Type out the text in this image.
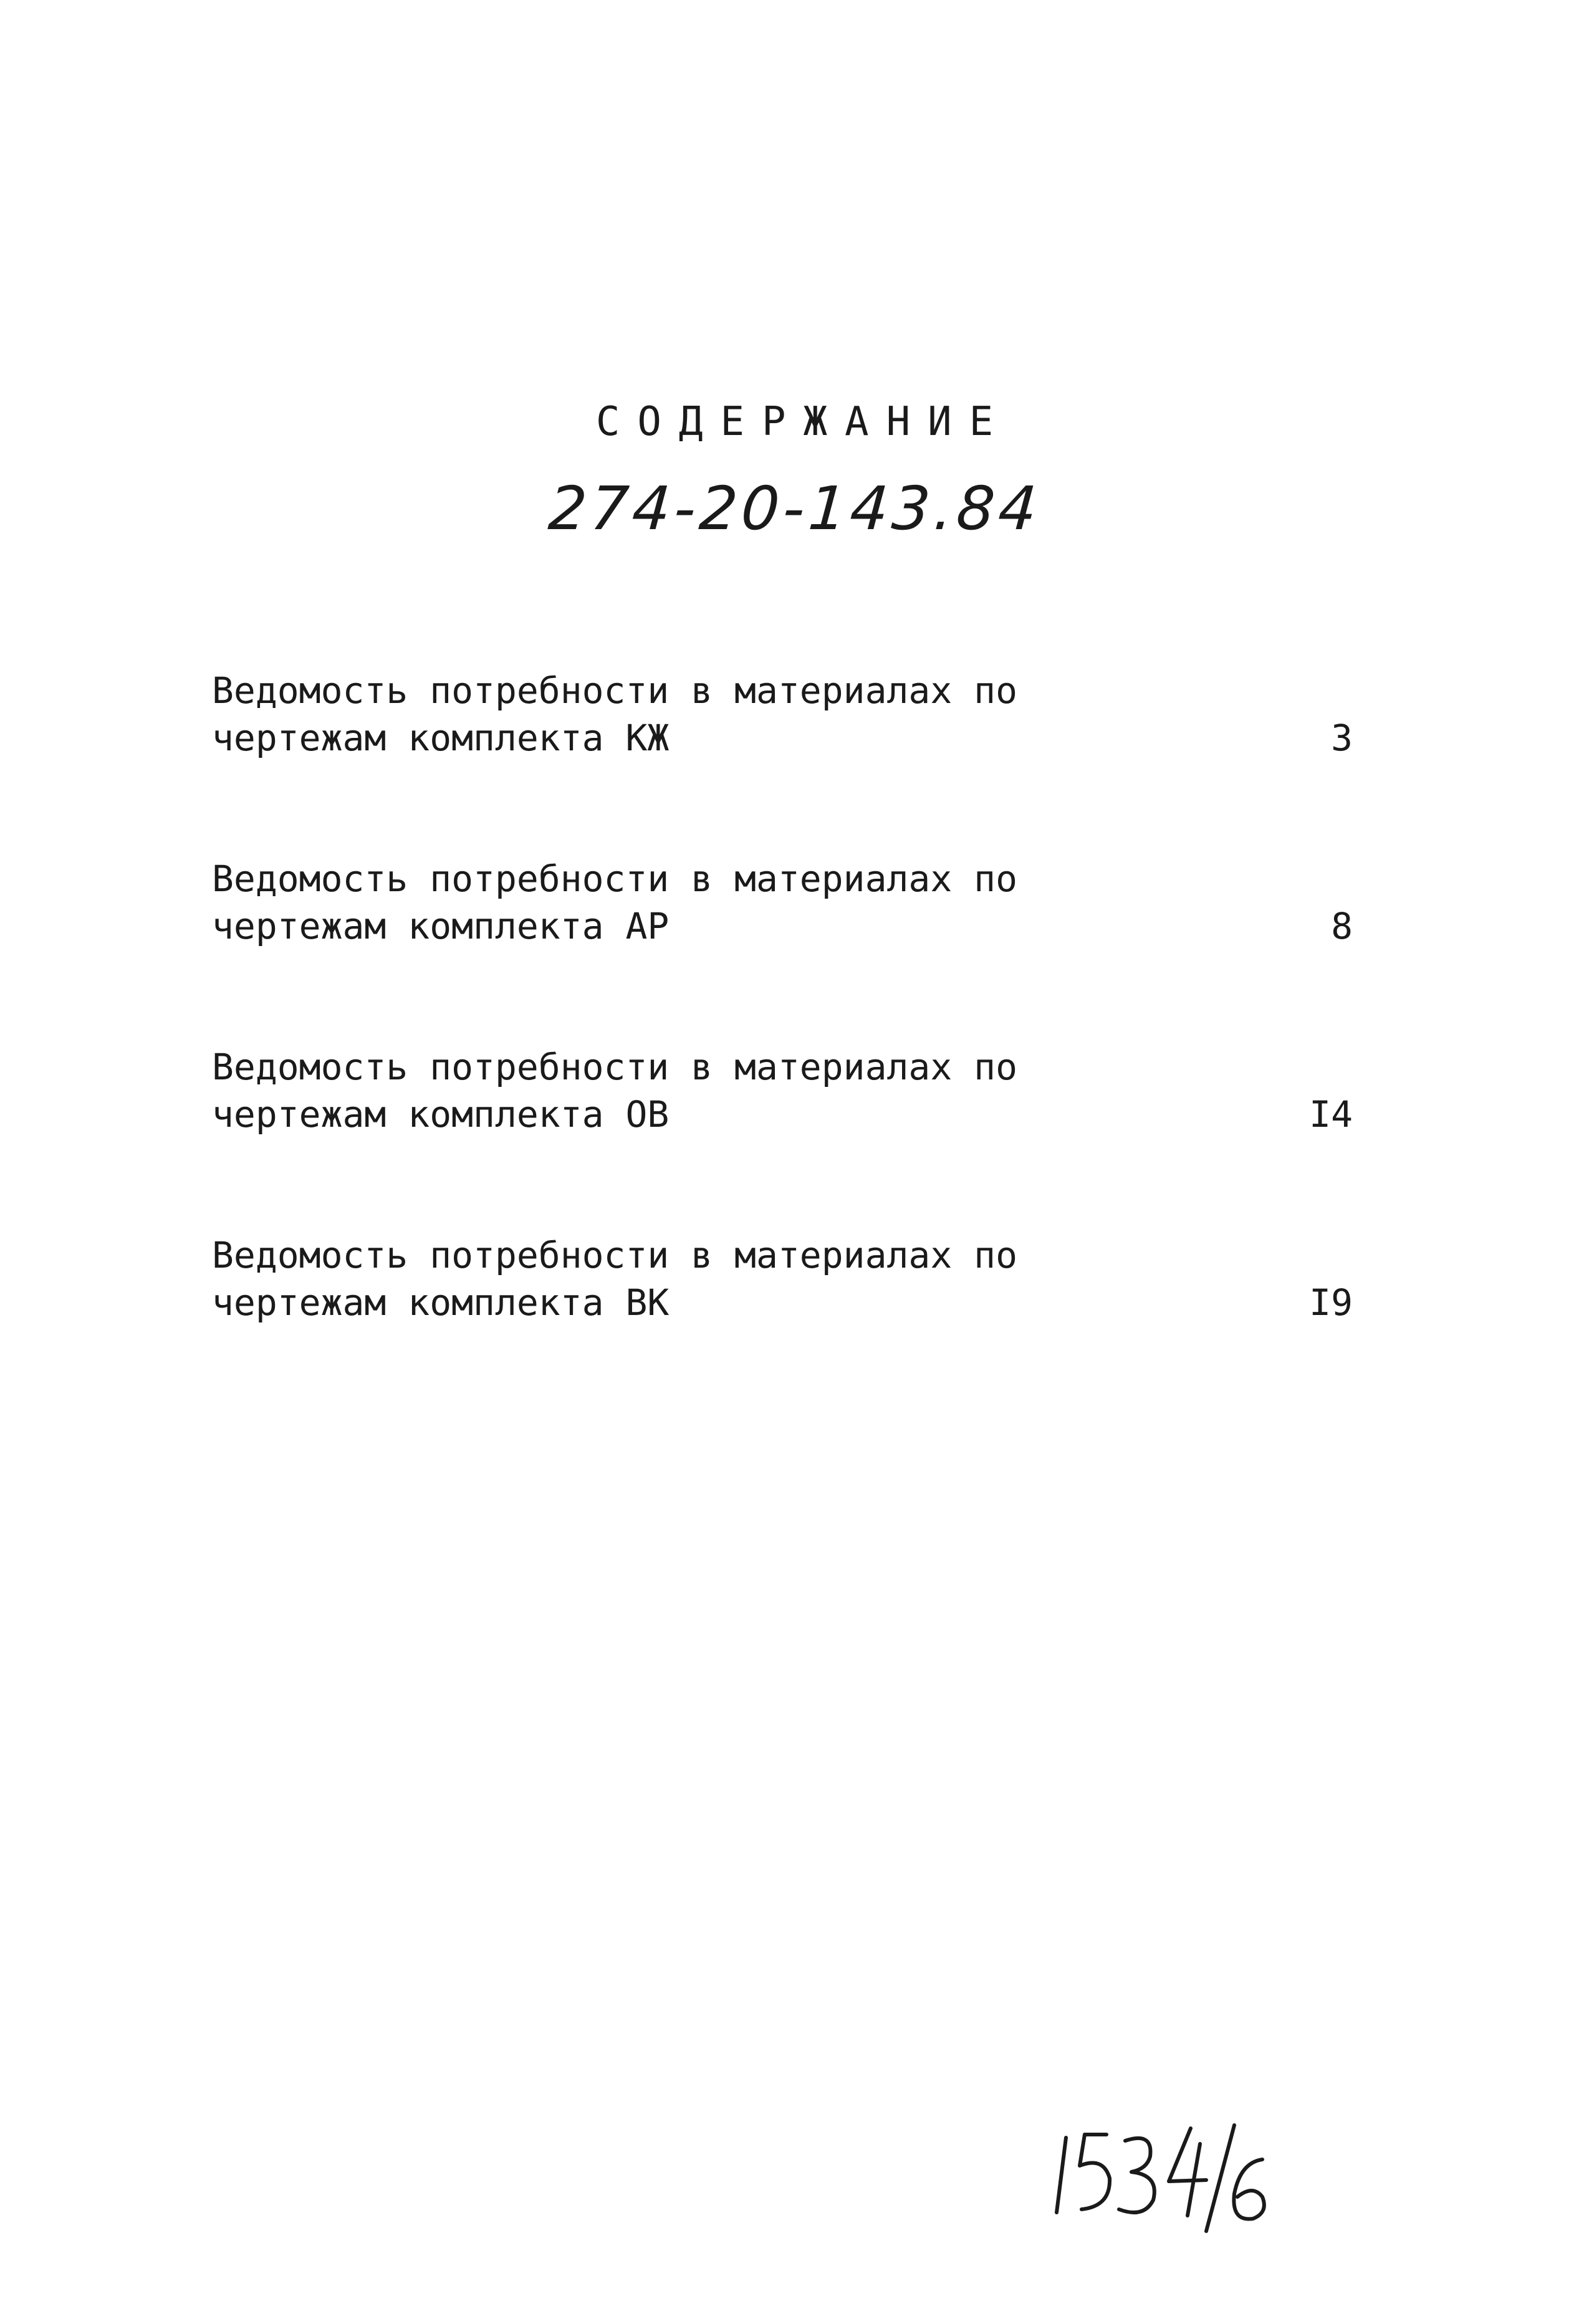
СОДЕРЖАНИЕ
274-20-143.84
Ведомость потребности в материалах по
чертежам комплекта КЖ	3
Ведомость потребности в материалах по
чертежам комплекта АР	8
Ведомость потребности в материалах по
чертежам комплекта ОВ	I4
Ведомость потребности в материалах по
чертежам комплекта ВК	I9
